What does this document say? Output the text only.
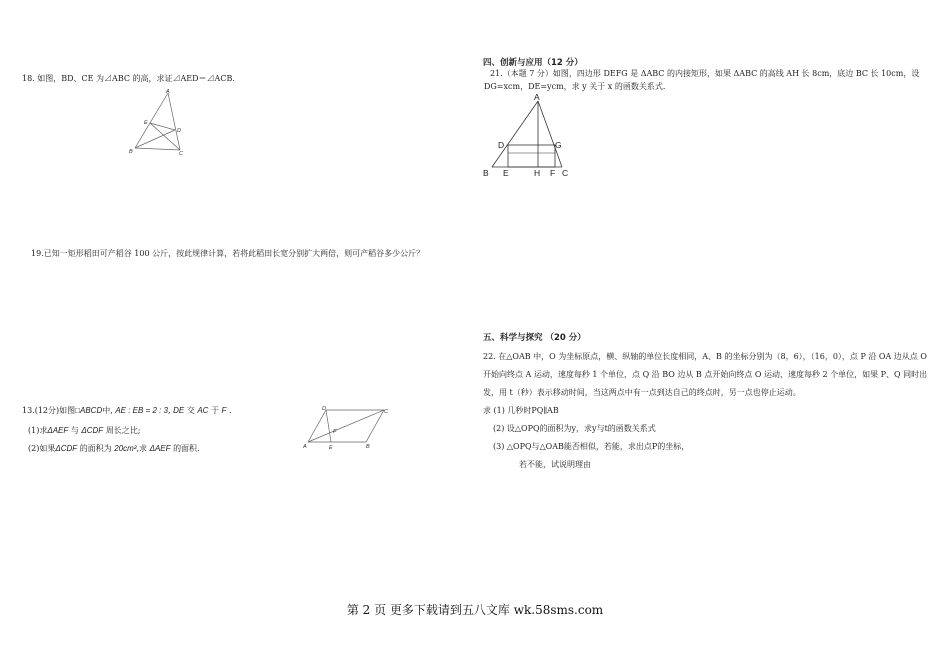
18. 如图，BD、CE 为⊿ABC 的高，求证⊿AED＝⊿ACB.
A
E
D
B	C
19.已知一矩形稻田可产稻谷 100 公斤，按此规律计算，若将此稻田长宽分别扩大两倍，则可产稻谷多少公斤？
13.(12分)如图□ABCD中, AE : EB = 2 : 3, DE 交 AC 于 F .
(1)求ΔAEF 与 ΔCDF 周长之比;
(2)如果ΔCDF 的面积为 20cm²,求 ΔAEF 的面积.
D	C
F
A	E	B
四、创新与应用（12 分）
21.（本题 7 分）如图，四边形 DEFG 是 ΔABC 的内接矩形，如果 ΔABC 的高线 AH 长 8cm，底边 BC 长 10cm，设
DG=xcm，DE=ycm，求 y 关于 x 的函数关系式.
A
D	G
B E	H F C
五、科学与探究 （20 分）
22. 在△OAB 中，O 为坐标原点，横、纵轴的单位长度相同，A、B 的坐标分别为（8，6），（16，0），点 P 沿 OA 边从点 O
开始向终点 A 运动，速度每秒 1 个单位，点 Q 沿 BO 边从 B 点开始向终点 O 运动，速度每秒 2 个单位，如果 P、Q 同时出
发，用 t（秒）表示移动时间，当这两点中有一点到达自己的终点时，另一点也停止运动。
求 (1) 几秒时PQ∥AB
(2) 设△OPQ的面积为y，求y与t的函数关系式
(3) △OPQ与△OAB能否相似，若能，求出点P的坐标，
若不能，试说明理由
第 2 页 更多下载请到五八文库 wk.58sms.com
